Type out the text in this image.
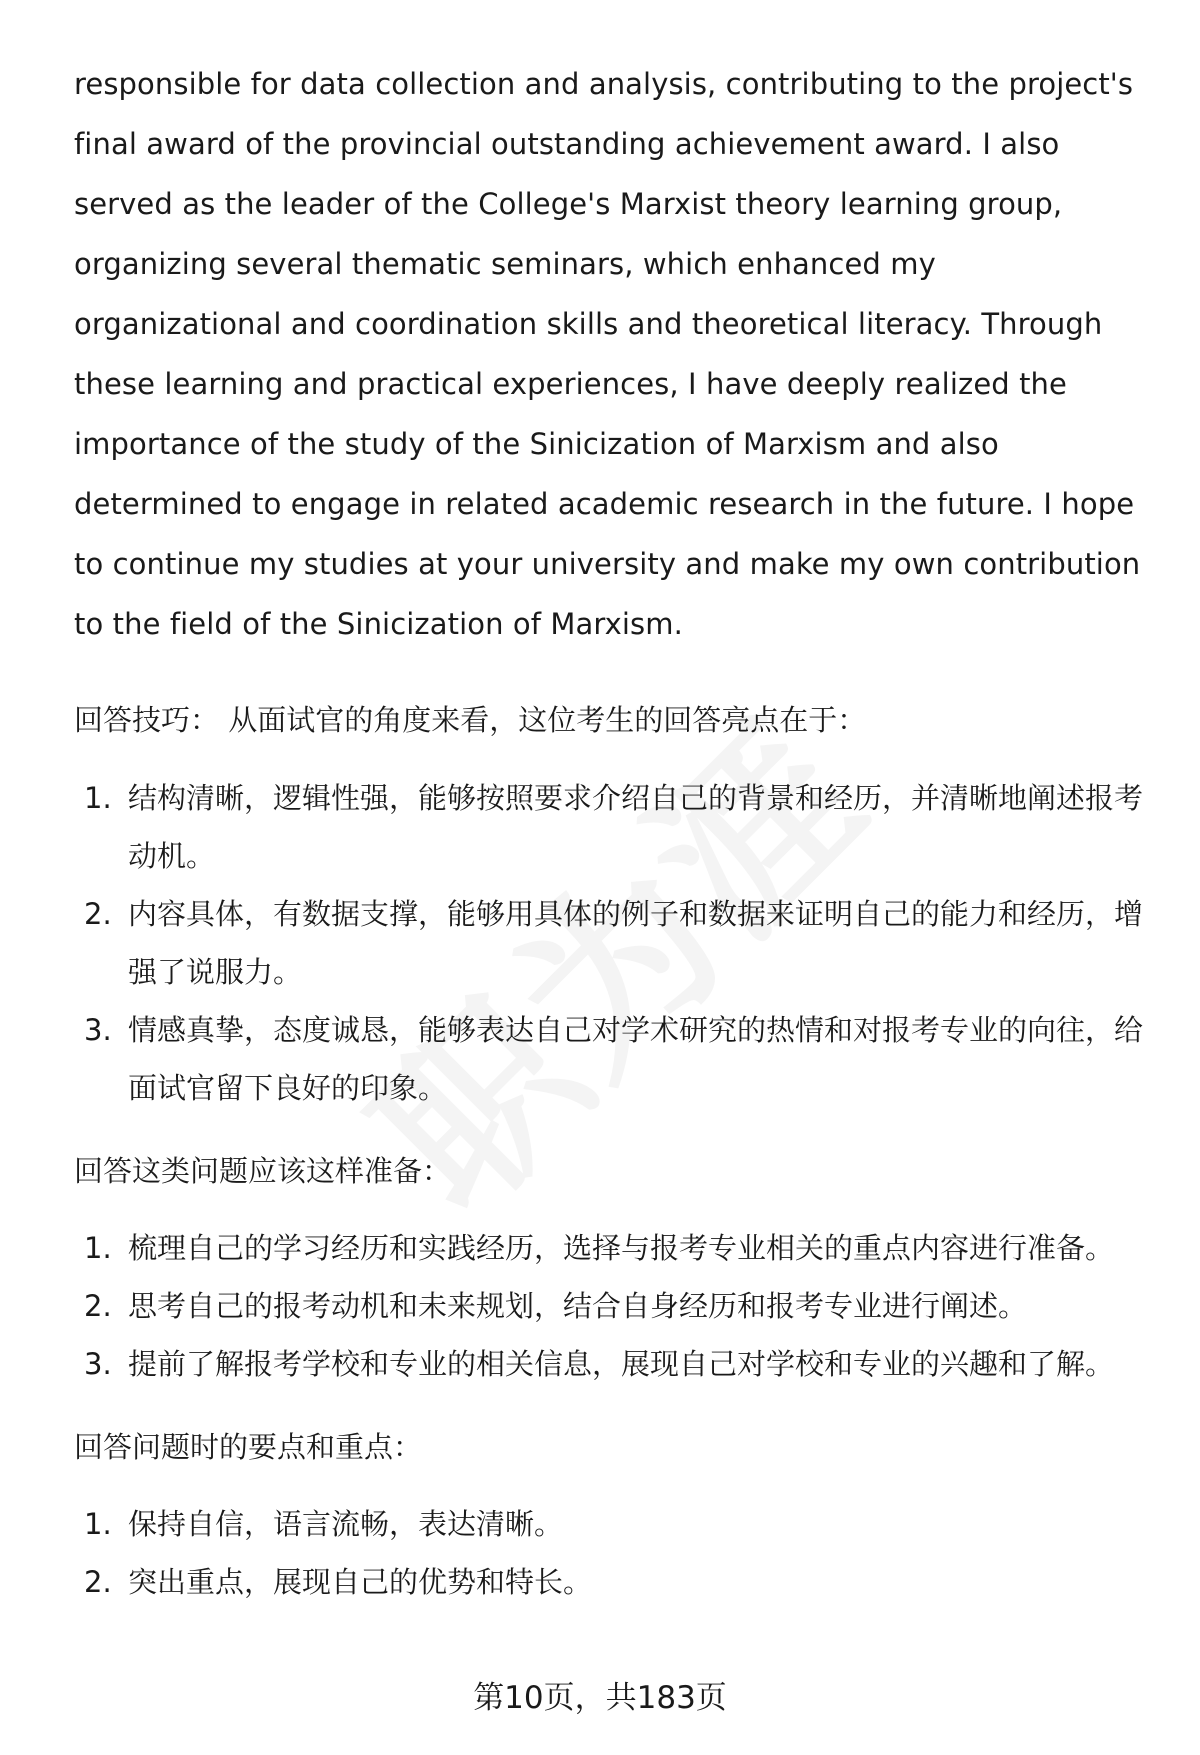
responsible for data collection and analysis, contributing to the project's final award of the provincial outstanding achievement award. I also served as the leader of the College's Marxist theory learning group, organizing several thematic seminars, which enhanced my organizational and coordination skills and theoretical literacy. Through these learning and practical experiences, I have deeply realized the importance of the study of the Sinicization of Marxism and also determined to engage in related academic research in the future. I hope to continue my studies at your university and make my own contribution to the field of the Sinicization of Marxism.

回答技巧： 从面试官的角度来看，这位考生的回答亮点在于：

1. 结构清晰，逻辑性强，能够按照要求介绍自己的背景和经历，并清晰地阐述报考动机。
2. 内容具体，有数据支撑，能够用具体的例子和数据来证明自己的能力和经历，增强了说服力。
3. 情感真挚，态度诚恳，能够表达自己对学术研究的热情和对报考专业的向往，给面试官留下良好的印象。

回答这类问题应该这样准备：

1. 梳理自己的学习经历和实践经历，选择与报考专业相关的重点内容进行准备。
2. 思考自己的报考动机和未来规划，结合自身经历和报考专业进行阐述。
3. 提前了解报考学校和专业的相关信息，展现自己对学校和专业的兴趣和了解。

回答问题时的要点和重点：

1. 保持自信，语言流畅，表达清晰。
2. 突出重点，展现自己的优势和特长。
第10页，共183页
